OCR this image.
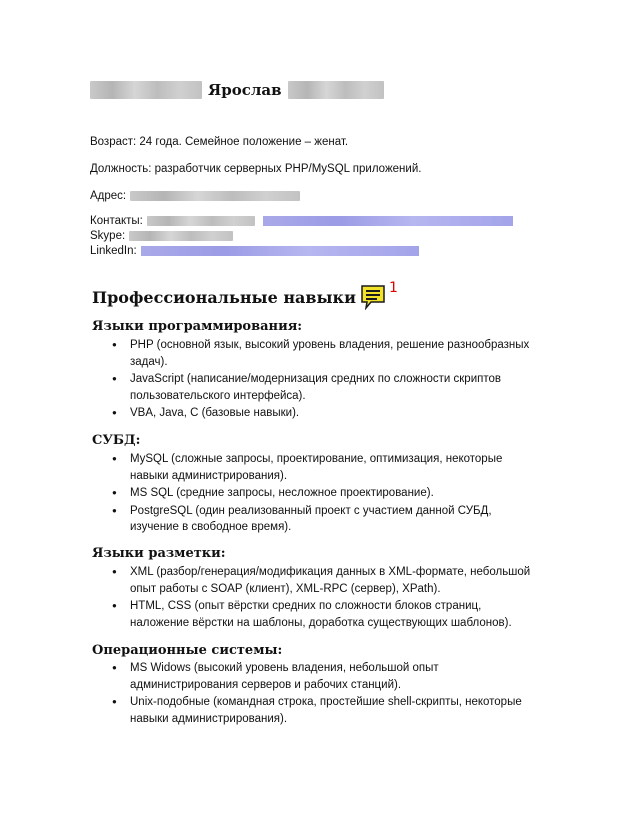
Ярослав
Возраст: 24 года. Семейное положение – женат.
Должность: разработчик серверных PHP/MySQL приложений.
Адрес:
Контакты:
Skype:
LinkedIn:
Профессиональные навыки 1
Языки программирования:
● PHP (основной язык, высокий уровень владения, решение разнообразных задач).
● JavaScript (написание/модернизация средних по сложности скриптов пользовательского интерфейса).
● VBA, Java, C (базовые навыки).
СУБД:
● MySQL (сложные запросы, проектирование, оптимизация, некоторые навыки администрирования).
● MS SQL (средние запросы, несложное проектирование).
● PostgreSQL (один реализованный проект с участием данной СУБД, изучение в свободное время).
Языки разметки:
● XML (разбор/генерация/модификация данных в XML-формате, небольшой опыт работы с SOAP (клиент), XML-RPC (сервер), XPath).
● HTML, CSS (опыт вёрстки средних по сложности блоков страниц, наложение вёрстки на шаблоны, доработка существующих шаблонов).
Операционные системы:
● MS Widows (высокий уровень владения, небольшой опыт администрирования серверов и рабочих станций).
● Unix-подобные (командная строка, простейшие shell-скрипты, некоторые навыки администрирования).
